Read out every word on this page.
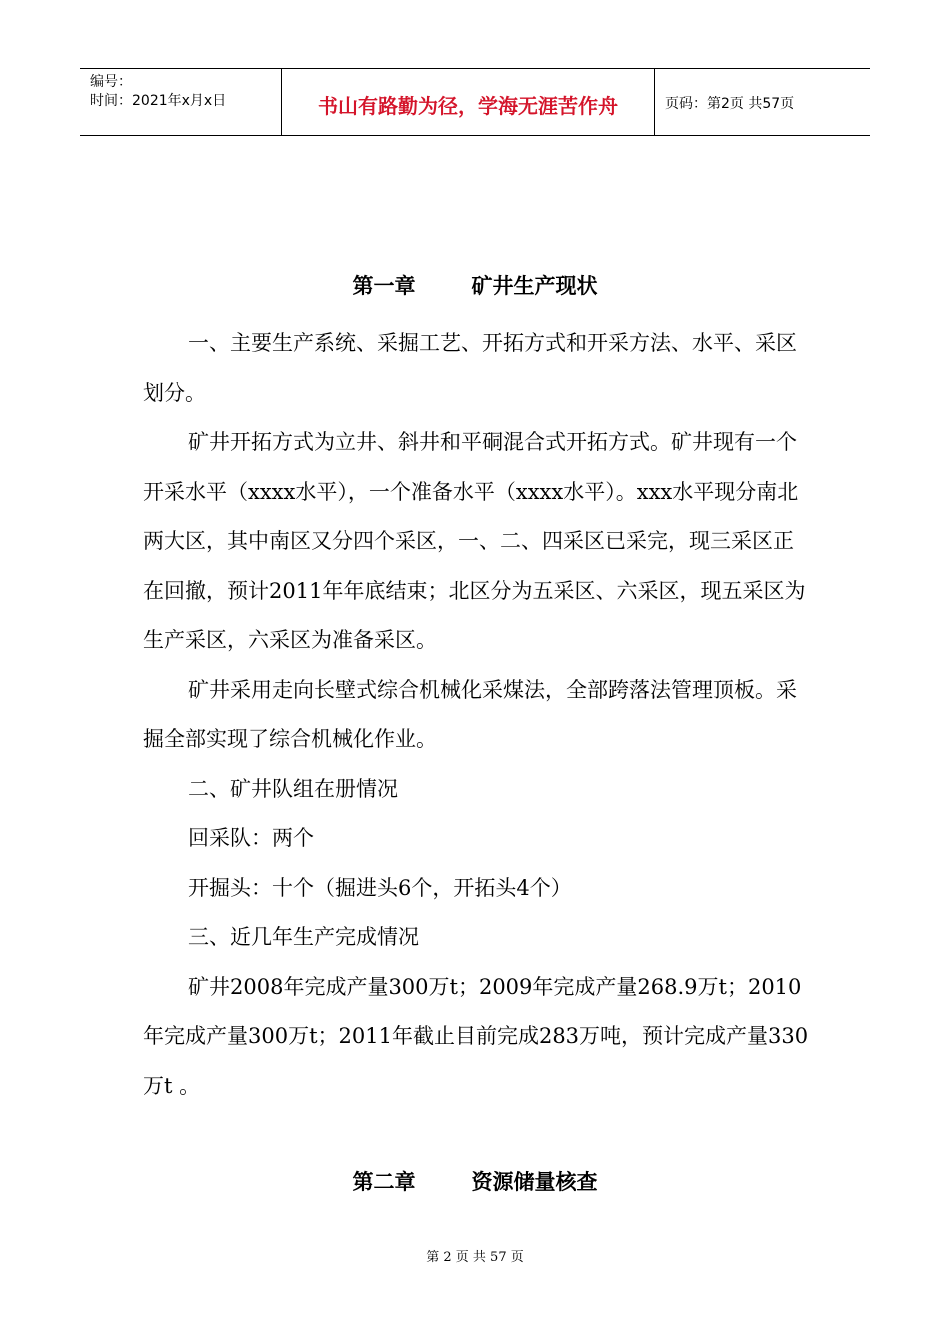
编号：
时间：2021年x月x日	书山有路勤为径，学海无涯苦作舟	页码：第2页 共57页
第一章	矿井生产现状

一、主要生产系统、采掘工艺、开拓方式和开采方法、水平、采区划分。

矿井开拓方式为立井、斜井和平硐混合式开拓方式。矿井现有一个开采水平（xxxx水平），一个准备水平（xxxx水平）。xxx水平现分南北两大区，其中南区又分四个采区，一、二、四采区已采完，现三采区正在回撤，预计2011年年底结束；北区分为五采区、六采区，现五采区为生产采区，六采区为准备采区。

矿井采用走向长壁式综合机械化采煤法，全部跨落法管理顶板。采掘全部实现了综合机械化作业。

二、矿井队组在册情况

回采队：两个

开掘头：十个（掘进头6个，开拓头4个）

三、近几年生产完成情况

矿井2008年完成产量300万t；2009年完成产量268.9万t；2010年完成产量300万t；2011年截止目前完成283万吨，预计完成产量330万t 。

第二章	资源储量核查
第 2 页 共 57 页
